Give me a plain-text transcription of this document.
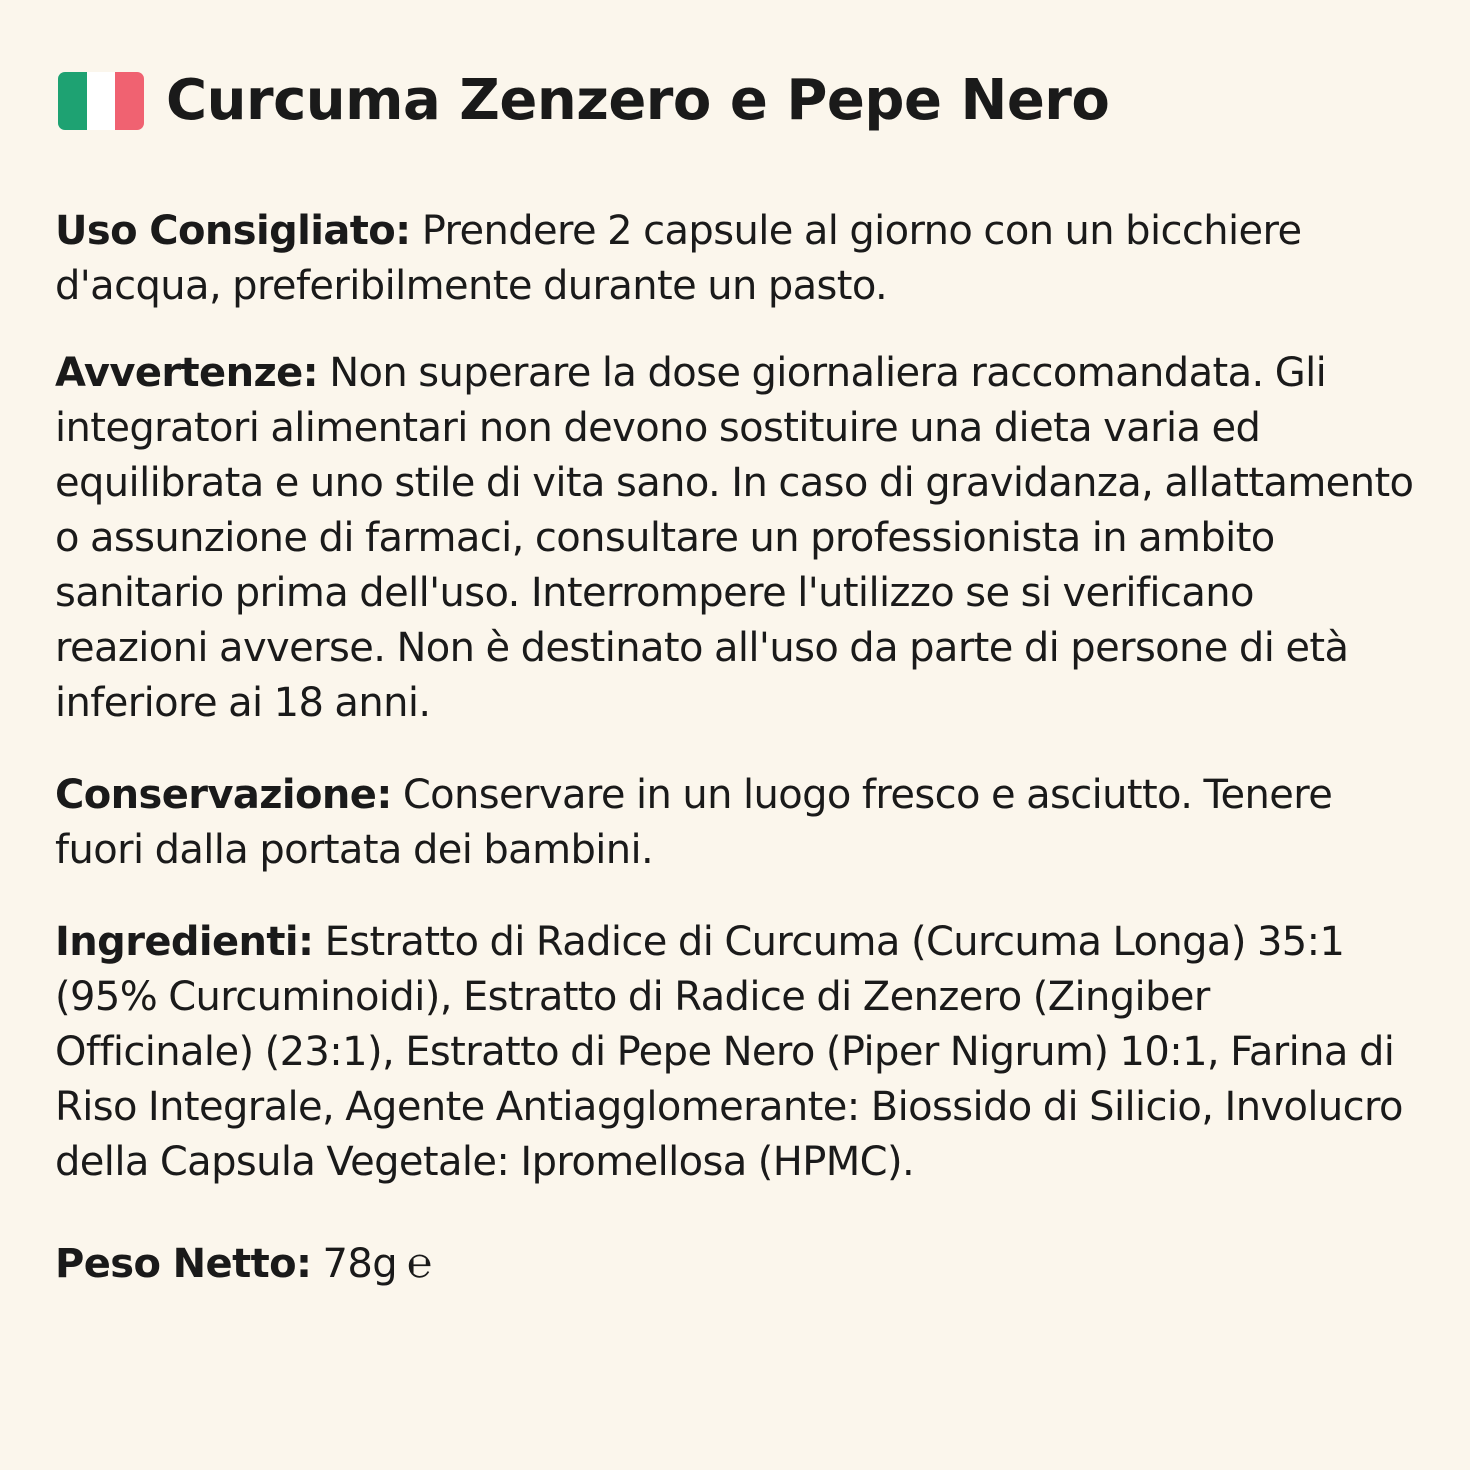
Curcuma Zenzero e Pepe Nero

Uso Consigliato: Prendere 2 capsule al giorno con un bicchiere d'acqua, preferibilmente durante un pasto.

Avvertenze: Non superare la dose giornaliera raccomandata. Gli integratori alimentari non devono sostituire una dieta varia ed equilibrata e uno stile di vita sano. In caso di gravidanza, allattamento o assunzione di farmaci, consultare un professionista in ambito sanitario prima dell'uso. Interrompere l'utilizzo se si verificano reazioni avverse. Non è destinato all'uso da parte di persone di età inferiore ai 18 anni.

Conservazione: Conservare in un luogo fresco e asciutto. Tenere fuori dalla portata dei bambini.

Ingredienti: Estratto di Radice di Curcuma (Curcuma Longa) 35:1 (95% Curcuminoidi), Estratto di Radice di Zenzero (Zingiber Officinale) (23:1), Estratto di Pepe Nero (Piper Nigrum) 10:1, Farina di Riso Integrale, Agente Antiagglomerante: Biossido di Silicio, Involucro della Capsula Vegetale: Ipromellosa (HPMC).

Peso Netto: 78g ℮
